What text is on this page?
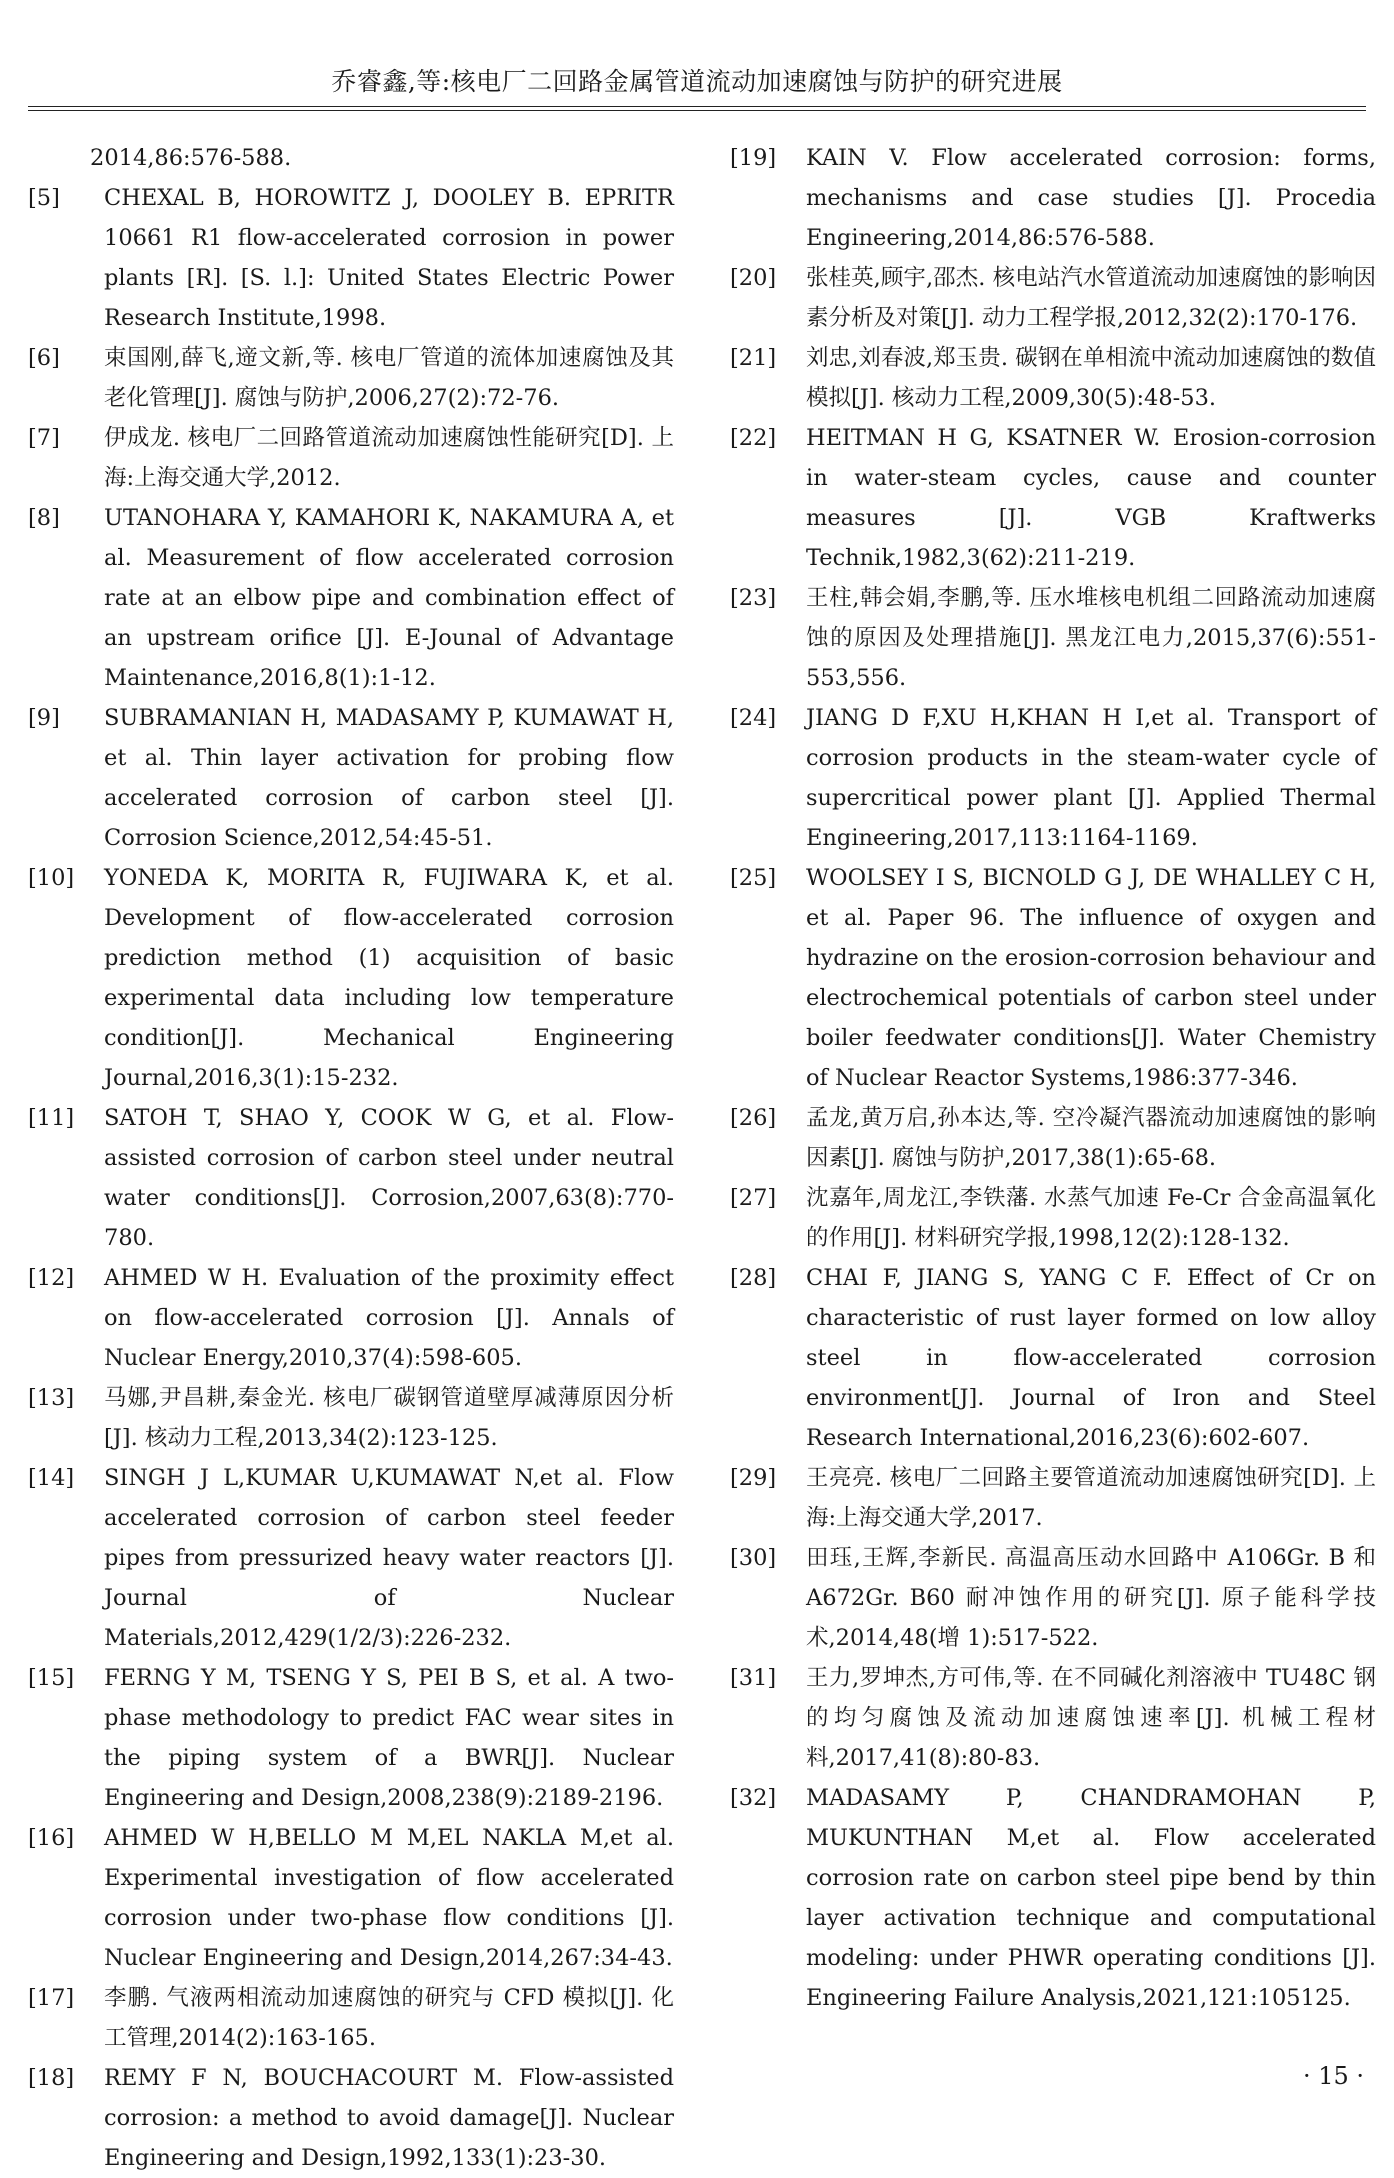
乔睿鑫,等:核电厂二回路金属管道流动加速腐蚀与防护的研究进展
2014,86:576-588.
[5]	CHEXAL B, HOROWITZ J, DOOLEY B. EPRITR 10661 R1 flow-accelerated corrosion in power plants [R]. [S. l.]: United States Electric Power Research Institute,1998.
[6]	束国刚,薛飞,遆文新,等. 核电厂管道的流体加速腐蚀及其老化管理[J]. 腐蚀与防护,2006,27(2):72-76.
[7]	伊成龙. 核电厂二回路管道流动加速腐蚀性能研究[D]. 上海:上海交通大学,2012.
[8]	UTANOHARA Y, KAMAHORI K, NAKAMURA A, et al. Measurement of flow accelerated corrosion rate at an elbow pipe and combination effect of an upstream orifice [J]. E-Jounal of Advantage Maintenance,2016,8(1):1-12.
[9]	SUBRAMANIAN H, MADASAMY P, KUMAWAT H, et al. Thin layer activation for probing flow accelerated corrosion of carbon steel [J]. Corrosion Science,2012,54:45-51.
[10]	YONEDA K, MORITA R, FUJIWARA K, et al. Development of flow-accelerated corrosion prediction method (1) acquisition of basic experimental data including low temperature condition[J]. Mechanical Engineering Journal,2016,3(1):15-232.
[11]	SATOH T, SHAO Y, COOK W G, et al. Flow-assisted corrosion of carbon steel under neutral water conditions[J]. Corrosion,2007,63(8):770-780.
[12]	AHMED W H. Evaluation of the proximity effect on flow-accelerated corrosion [J]. Annals of Nuclear Energy,2010,37(4):598-605.
[13]	马娜,尹昌耕,秦金光. 核电厂碳钢管道壁厚减薄原因分析[J]. 核动力工程,2013,34(2):123-125.
[14]	SINGH J L,KUMAR U,KUMAWAT N,et al. Flow accelerated corrosion of carbon steel feeder pipes from pressurized heavy water reactors [J]. Journal of Nuclear Materials,2012,429(1/2/3):226-232.
[15]	FERNG Y M, TSENG Y S, PEI B S, et al. A two-phase methodology to predict FAC wear sites in the piping system of a BWR[J]. Nuclear Engineering and Design,2008,238(9):2189-2196.
[16]	AHMED W H,BELLO M M,EL NAKLA M,et al. Experimental investigation of flow accelerated corrosion under two-phase flow conditions [J]. Nuclear Engineering and Design,2014,267:34-43.
[17]	李鹏. 气液两相流动加速腐蚀的研究与 CFD 模拟[J]. 化工管理,2014(2):163-165.
[18]	REMY F N, BOUCHACOURT M. Flow-assisted corrosion: a method to avoid damage[J]. Nuclear Engineering and Design,1992,133(1):23-30.
[19]	KAIN V. Flow accelerated corrosion: forms, mechanisms and case studies [J]. Procedia Engineering,2014,86:576-588.
[20]	张桂英,顾宇,邵杰. 核电站汽水管道流动加速腐蚀的影响因素分析及对策[J]. 动力工程学报,2012,32(2):170-176.
[21]	刘忠,刘春波,郑玉贵. 碳钢在单相流中流动加速腐蚀的数值模拟[J]. 核动力工程,2009,30(5):48-53.
[22]	HEITMAN H G, KSATNER W. Erosion-corrosion in water-steam cycles, cause and counter measures [J]. VGB Kraftwerks Technik,1982,3(62):211-219.
[23]	王柱,韩会娟,李鹏,等. 压水堆核电机组二回路流动加速腐蚀的原因及处理措施[J]. 黑龙江电力,2015,37(6):551-553,556.
[24]	JIANG D F,XU H,KHAN H I,et al. Transport of corrosion products in the steam-water cycle of supercritical power plant [J]. Applied Thermal Engineering,2017,113:1164-1169.
[25]	WOOLSEY I S, BICNOLD G J, DE WHALLEY C H, et al. Paper 96. The influence of oxygen and hydrazine on the erosion-corrosion behaviour and electrochemical potentials of carbon steel under boiler feedwater conditions[J]. Water Chemistry of Nuclear Reactor Systems,1986:377-346.
[26]	孟龙,黄万启,孙本达,等. 空冷凝汽器流动加速腐蚀的影响因素[J]. 腐蚀与防护,2017,38(1):65-68.
[27]	沈嘉年,周龙江,李铁藩. 水蒸气加速 Fe-Cr 合金高温氧化的作用[J]. 材料研究学报,1998,12(2):128-132.
[28]	CHAI F, JIANG S, YANG C F. Effect of Cr on characteristic of rust layer formed on low alloy steel in flow-accelerated corrosion environment[J]. Journal of Iron and Steel Research International,2016,23(6):602-607.
[29]	王亮亮. 核电厂二回路主要管道流动加速腐蚀研究[D]. 上海:上海交通大学,2017.
[30]	田珏,王辉,李新民. 高温高压动水回路中 A106Gr. B 和 A672Gr. B60 耐冲蚀作用的研究[J]. 原子能科学技术,2014,48(增 1):517-522.
[31]	王力,罗坤杰,方可伟,等. 在不同碱化剂溶液中 TU48C 钢的均匀腐蚀及流动加速腐蚀速率[J]. 机械工程材料,2017,41(8):80-83.
[32]	MADASAMY P, CHANDRAMOHAN P, MUKUNTHAN M,et al. Flow accelerated corrosion rate on carbon steel pipe bend by thin layer activation technique and computational modeling: under PHWR operating conditions [J]. Engineering Failure Analysis,2021,121:105125.
· 15 ·
